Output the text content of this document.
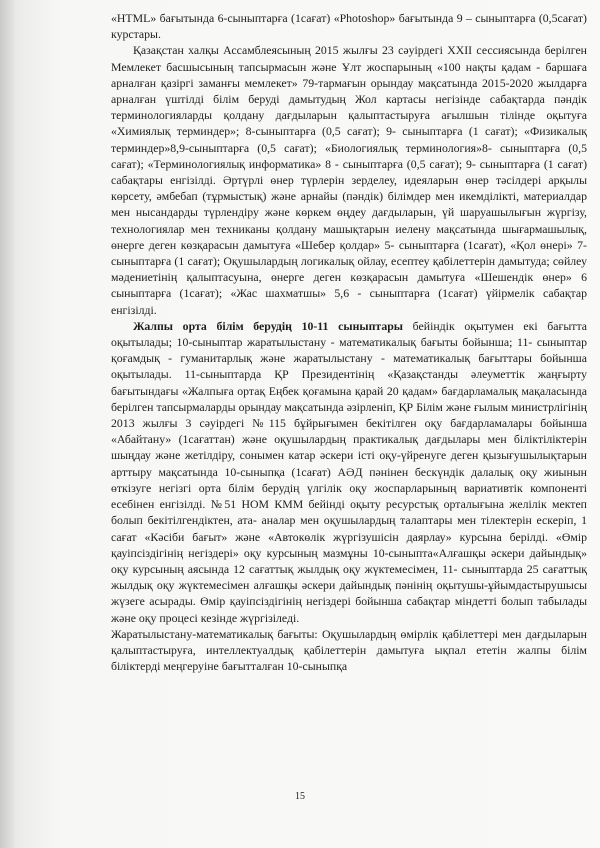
«HTML» бағытында 6-сыныптарға (1сағат) «Photoshop» бағытында 9 – сыныптарға (0,5сағат) курстары.

Қазақстан халқы Ассамблеясының 2015 жылғы 23 сәуірдегі XXII сессиясында берілген Мемлекет басшысының тапсырмасын және Ұлт жоспарының «100 нақты қадам - баршаға арналған қазіргі заманғы мемлекет» 79-тармағын орындау мақсатында 2015-2020 жылдарға арналған үштілді білім беруді дамытудың Жол картасы негізінде сабақтарда пәндік терминологияларды қолдану дағдыларын қалыптастыруға ағылшын тілінде оқытуға «Химиялық терминдер»; 8-сыныптарға (0,5 сағат); 9- сыныптарға (1 сағат); «Физикалық терминдер»8,9-сыныптарға (0,5 сағат); «Биологиялық терминология»8- сыныптарға (0,5 сағат); «Терминологиялық информатика» 8 - сыныптарға (0,5 сағат); 9- сыныптарға (1 сағат) сабақтары енгізілді. Әртүрлі өнер түрлерін зерделеу, идеяларын өнер тәсілдері арқылы көрсету, әмбебап (тұрмыстық) және арнайы (пәндік) білімдер мен икемділікті, материалдар мен нысандарды түрлендіру және көркем өңдеу дағдыларын, үй шаруашылығын жүргізу, технологиялар мен техниканы қолдану машықтарын иелену мақсатында шығармашылық, өнерге деген көзқарасын дамытуға «Шебер қолдар» 5- сыныптарға (1сағат), «Қол өнері» 7-сыныптарға (1 сағат); Оқушылардың логикалық ойлау, есептеу қабілеттерін дамытуда; сөйлеу мәдениетінің қалыптасуына, өнерге деген көзқарасын дамытуға «Шешендік өнер» 6 сыныптарға (1сағат); «Жас шахматшы» 5,6 - сыныптарға (1сағат) үйірмелік сабақтар енгізілді.

Жалпы орта білім берудің 10-11 сыныптары бейіндік оқытумен екі бағытта оқытылады; 10-сыныптар жаратылыстану - математикалық бағыты бойынша; 11- сыныптар қоғамдық - гуманитарлық және жаратылыстану - математикалық бағыттары бойынша оқытылады. 11-сыныптарда ҚР Президентінің «Қазақстанды әлеуметтік жаңғырту бағытындағы «Жалпыға ортақ Еңбек қоғамына қарай 20 қадам» бағдарламалық мақаласында берілген тапсырмаларды орындау мақсатында әзірленіп, ҚР Білім және ғылым министрлігінің 2013 жылғы 3 сәуірдегі №115 бұйрығымен бекітілген оқу бағдарламалары бойынша «Абайтану» (1сағаттан) және оқушылардың практикалық дағдылары мен біліктіліктерін шыңдау және жетілдіру, сонымен катар әскери істі оқу-үйренуге деген қызығушылықтарын арттыру мақсатында 10-сыныпқа (1сағат) АӘД пәнінен бескүндік далалық оқу жиынын өткізуге негізгі орта білім берудің үлгілік оқу жоспарларының вариативтік компоненті есебінен енгізілді. №51 НОМ КММ бейінді оқыту ресурстық орталығына желілік мектеп болып бекітілгендіктен, ата- аналар мен оқушылардың талаптары мен тілектерін ескеріп, 1 сағат «Кәсіби бағыт» және «Автокөлік жүргізушісін даярлау» курсына берілді. «Өмір қауіпсіздігінің негіздері» оқу курсының мазмұны 10-сыныпта«Алғашқы әскери дайындық» оқу курсының аясында 12 сағаттық жылдық оқу жүктемесімен, 11- сыныптарда 25 сағаттық жылдық оқу жүктемесімен алғашқы әскери дайындық пәнінің оқытушы-ұйымдастырушысы жүзеге асырады. Өмір қауіпсіздігінің негіздері бойынша сабақтар міндетті болып табылады және оқу процесі кезінде жүргізіледі.

Жаратылыстану-математикалық бағыты: Оқушылардың өмірлік қабілеттері мен дағдыларын қалыптастыруға, интеллектуалдық қабілеттерін дамытуға ықпал ететін жалпы білім біліктерді меңгеруіне бағытталған 10-сыныпқа

15
